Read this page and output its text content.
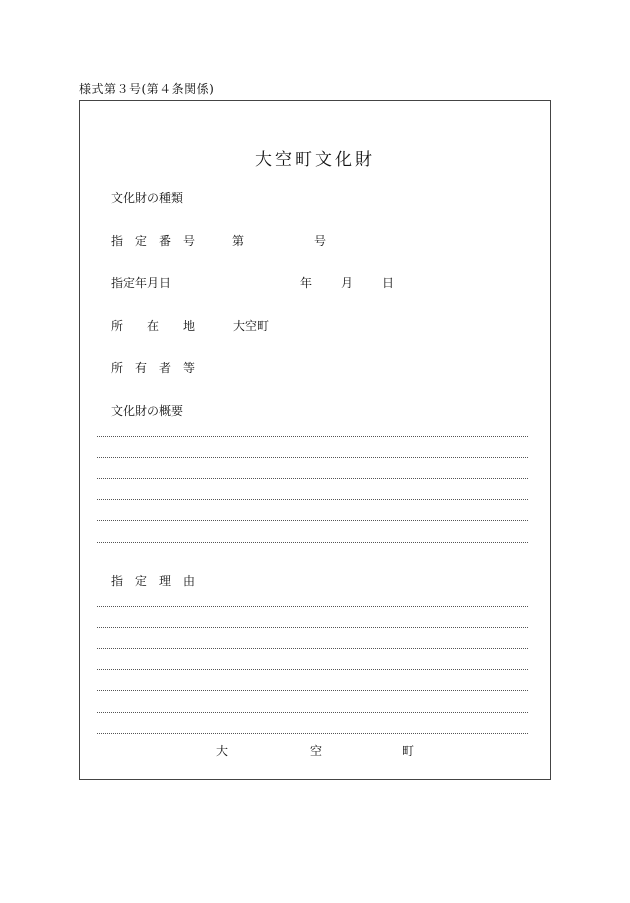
様式第３号(第４条関係)
大空町文化財
文化財の種類
指　定　番　号	第	号
指定年月日	年 月 日
所　　在　　地	大空町
所　有　者　等
文化財の概要
指　定　理　由
大	空	町
